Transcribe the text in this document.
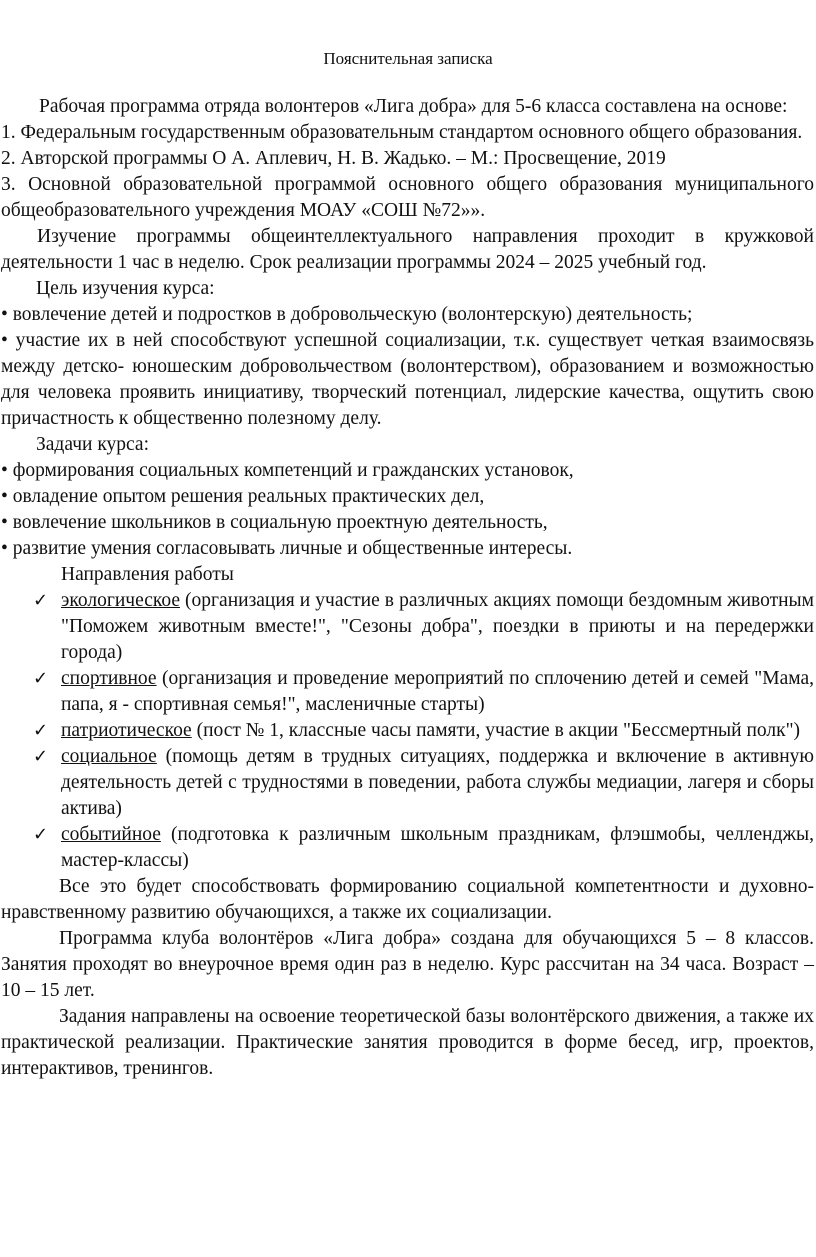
Пояснительная записка

Рабочая программа отряда волонтеров «Лига добра» для 5-6 класса составлена на основе:

1. Федеральным государственным образовательным стандартом основного общего образования.

2. Авторской программы О А. Аплевич, Н. В. Жадько. – М.: Просвещение, 2019

3. Основной образовательной программой основного общего образования муниципального общеобразовательного учреждения МОАУ «СОШ №72»».

Изучение программы общеинтеллектуального направления проходит в кружковой деятельности 1 час в неделю. Срок реализации программы 2024 – 2025 учебный год.

Цель изучения курса:

• вовлечение детей и подростков в добровольческую (волонтерскую) деятельность;

• участие их в ней способствуют успешной социализации, т.к. существует четкая взаимосвязь между детско- юношеским добровольчеством (волонтерством), образованием и возможностью для человека проявить инициативу, творческий потенциал, лидерские качества, ощутить свою причастность к общественно полезному делу.

Задачи курса:

• формирования социальных компетенций и гражданских установок,

• овладение опытом решения реальных практических дел,

• вовлечение школьников в социальную проектную деятельность,

• развитие умения согласовывать личные и общественные интересы.

Направления работы

✓ экологическое (организация и участие в различных акциях помощи бездомным животным "Поможем животным вместе!", "Сезоны добра", поездки в приюты и на передержки города)
✓ спортивное (организация и проведение мероприятий по сплочению детей и семей "Мама, папа, я - спортивная семья!", масленичные старты)
✓ патриотическое (пост № 1, классные часы памяти, участие в акции "Бессмертный полк")
✓ социальное (помощь детям в трудных ситуациях, поддержка и включение в активную деятельность детей с трудностями в поведении, работа службы медиации, лагеря и сборы актива)
✓ событийное (подготовка к различным школьным праздникам, флэшмобы, челленджы, мастер-классы)

Все это будет способствовать формированию социальной компетентности и духовно-нравственному развитию обучающихся, а также их социализации.

Программа клуба волонтёров «Лига добра» создана для обучающихся 5 – 8 классов. Занятия проходят во внеурочное время один раз в неделю. Курс рассчитан на 34 часа. Возраст – 10 – 15 лет.

Задания направлены на освоение теоретической базы волонтёрского движения, а также их практической реализации. Практические занятия проводится в форме бесед, игр, проектов, интерактивов, тренингов.
